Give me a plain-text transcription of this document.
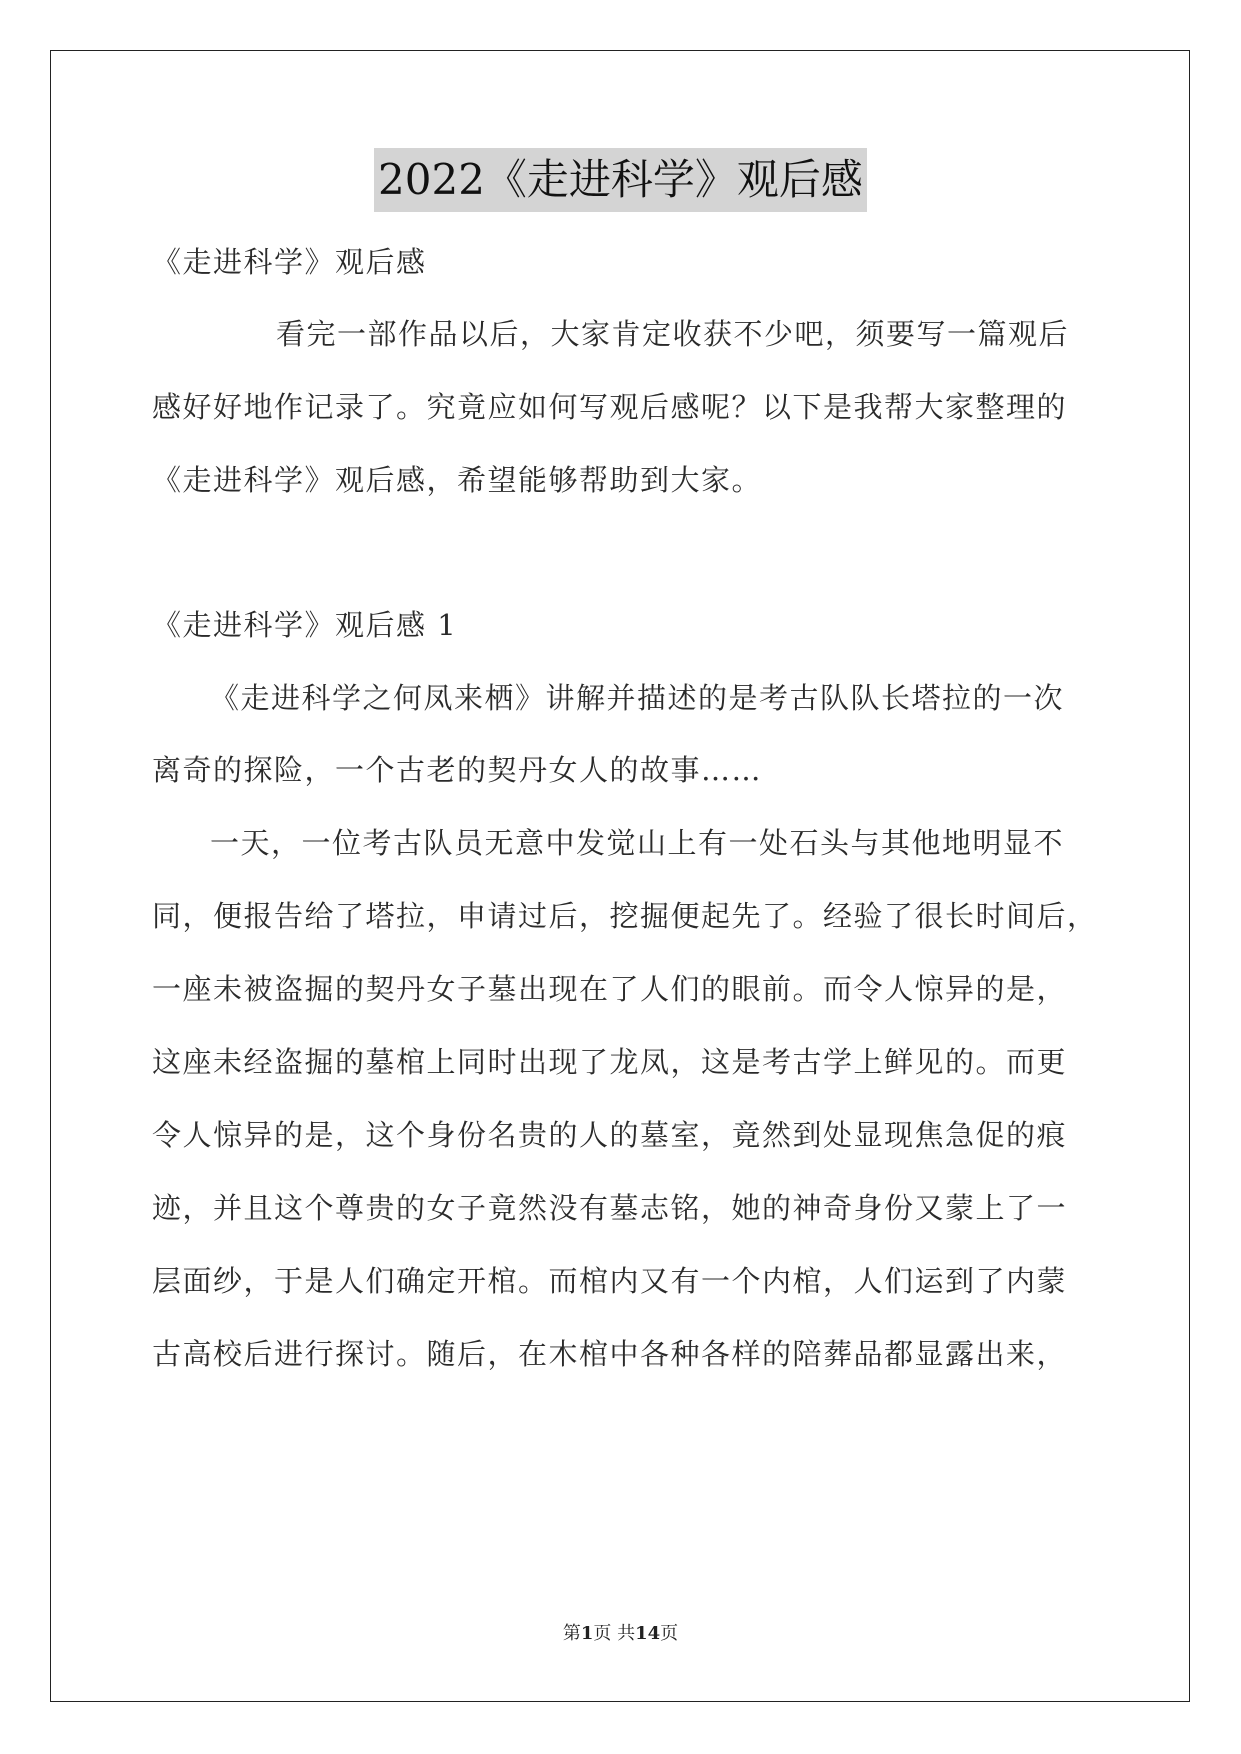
2022《走进科学》观后感
《走进科学》观后感
看完一部作品以后，大家肯定收获不少吧，须要写一篇观后
感好好地作记录了。究竟应如何写观后感呢？以下是我帮大家整理的
《走进科学》观后感，希望能够帮助到大家。
《走进科学》观后感 1
《走进科学之何凤来栖》讲解并描述的是考古队队长塔拉的一次
离奇的探险，一个古老的契丹女人的故事……
一天，一位考古队员无意中发觉山上有一处石头与其他地明显不
同，便报告给了塔拉，申请过后，挖掘便起先了。经验了很长时间后，
一座未被盗掘的契丹女子墓出现在了人们的眼前。而令人惊异的是，
这座未经盗掘的墓棺上同时出现了龙凤，这是考古学上鲜见的。而更
令人惊异的是，这个身份名贵的人的墓室，竟然到处显现焦急促的痕
迹，并且这个尊贵的女子竟然没有墓志铭，她的神奇身份又蒙上了一
层面纱，于是人们确定开棺。而棺内又有一个内棺，人们运到了内蒙
古高校后进行探讨。随后，在木棺中各种各样的陪葬品都显露出来，
第1页 共14页
